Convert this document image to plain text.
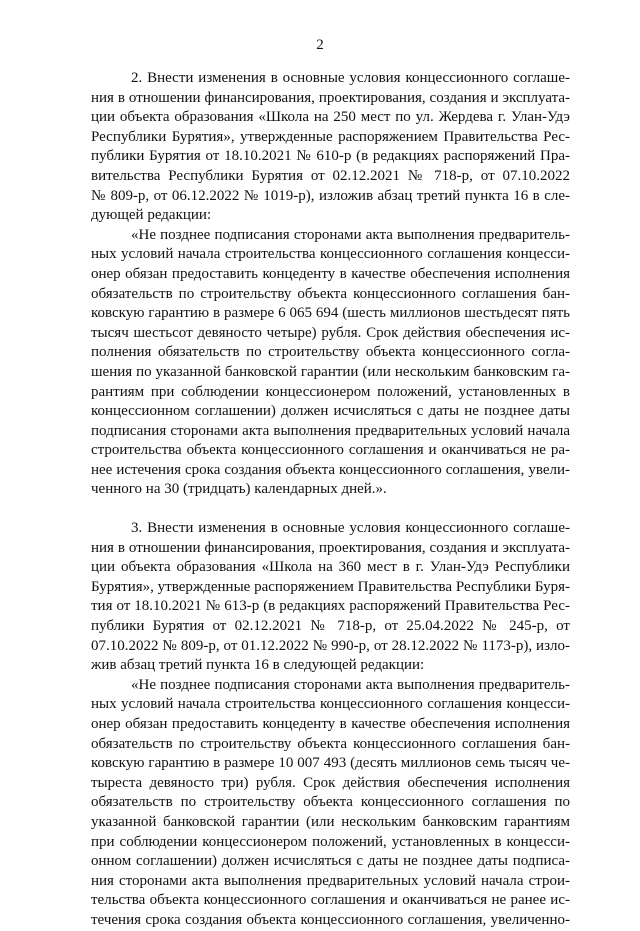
2
2. Внести изменения в основные условия концессионного соглаше-
ния в отношении финансирования, проектирования, создания и эксплуата-
ции объекта образования «Школа на 250 мест по ул. Жердева г. Улан-Удэ
Республики Бурятия», утвержденные распоряжением Правительства Рес-
публики Бурятия от 18.10.2021 № 610-р (в редакциях распоряжений Пра-
вительства Республики Бурятия от 02.12.2021 № 718-р, от 07.10.2022
№ 809-р, от 06.12.2022 № 1019-р), изложив абзац третий пункта 16 в сле-
дующей редакции:
«Не позднее подписания сторонами акта выполнения предваритель-
ных условий начала строительства концессионного соглашения концесси-
онер обязан предоставить концеденту в качестве обеспечения исполнения
обязательств по строительству объекта концессионного соглашения бан-
ковскую гарантию в размере 6 065 694 (шесть миллионов шестьдесят пять
тысяч шестьсот девяносто четыре) рубля. Срок действия обеспечения ис-
полнения обязательств по строительству объекта концессионного согла-
шения по указанной банковской гарантии (или нескольким банковским га-
рантиям при соблюдении концессионером положений, установленных в
концессионном соглашении) должен исчисляться с даты не позднее даты
подписания сторонами акта выполнения предварительных условий начала
строительства объекта концессионного соглашения и оканчиваться не ра-
нее истечения срока создания объекта концессионного соглашения, увели-
ченного на 30 (тридцать) календарных дней.».
3. Внести изменения в основные условия концессионного соглаше-
ния в отношении финансирования, проектирования, создания и эксплуата-
ции объекта образования «Школа на 360 мест в г. Улан-Удэ Республики
Бурятия», утвержденные распоряжением Правительства Республики Буря-
тия от 18.10.2021 № 613-р (в редакциях распоряжений Правительства Рес-
публики Бурятия от 02.12.2021 № 718-р, от 25.04.2022 № 245-р, от
07.10.2022 № 809-р, от 01.12.2022 № 990-р, от 28.12.2022 № 1173-р), изло-
жив абзац третий пункта 16 в следующей редакции:
«Не позднее подписания сторонами акта выполнения предваритель-
ных условий начала строительства концессионного соглашения концесси-
онер обязан предоставить концеденту в качестве обеспечения исполнения
обязательств по строительству объекта концессионного соглашения бан-
ковскую гарантию в размере 10 007 493 (десять миллионов семь тысяч че-
тыреста девяносто три) рубля. Срок действия обеспечения исполнения
обязательств по строительству объекта концессионного соглашения по
указанной банковской гарантии (или нескольким банковским гарантиям
при соблюдении концессионером положений, установленных в концесси-
онном соглашении) должен исчисляться с даты не позднее даты подписа-
ния сторонами акта выполнения предварительных условий начала строи-
тельства объекта концессионного соглашения и оканчиваться не ранее ис-
течения срока создания объекта концессионного соглашения, увеличенно-
